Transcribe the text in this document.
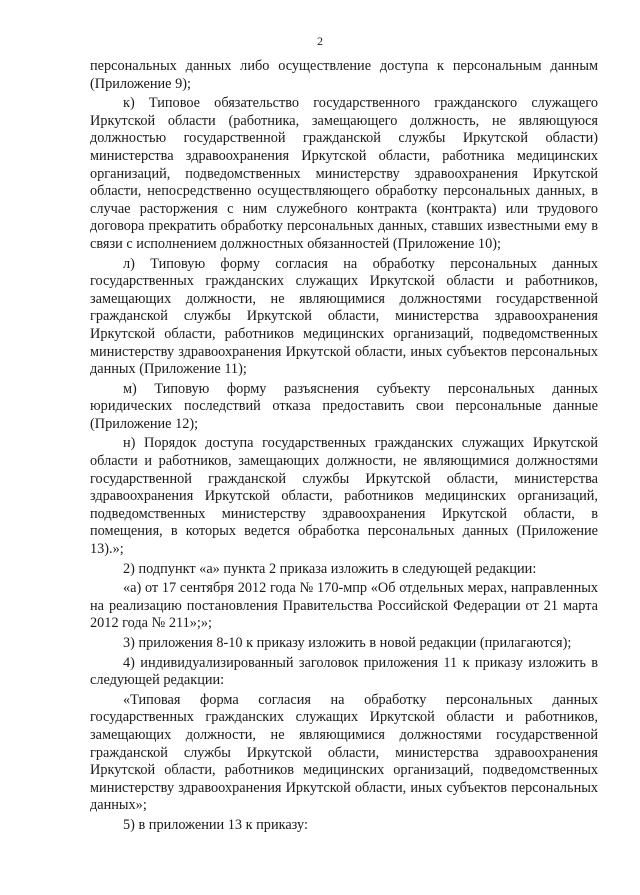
2

персональных данных либо осуществление доступа к персональным данным (Приложение 9);

к) Типовое обязательство государственного гражданского служащего Иркутской области (работника, замещающего должность, не являющуюся должностью государственной гражданской службы Иркутской области) министерства здравоохранения Иркутской области, работника медицинских организаций, подведомственных министерству здравоохранения Иркутской области, непосредственно осуществляющего обработку персональных данных, в случае расторжения с ним служебного контракта (контракта) или трудового договора прекратить обработку персональных данных, ставших известными ему в связи с исполнением должностных обязанностей (Приложение 10);

л) Типовую форму согласия на обработку персональных данных государственных гражданских служащих Иркутской области и работников, замещающих должности, не являющимися должностями государственной гражданской службы Иркутской области, министерства здравоохранения Иркутской области, работников медицинских организаций, подведомственных министерству здравоохранения Иркутской области, иных субъектов персональных данных (Приложение 11);

м) Типовую форму разъяснения субъекту персональных данных юридических последствий отказа предоставить свои персональные данные (Приложение 12);

н) Порядок доступа государственных гражданских служащих Иркутской области и работников, замещающих должности, не являющимися должностями государственной гражданской службы Иркутской области, министерства здравоохранения Иркутской области, работников медицинских организаций, подведомственных министерству здравоохранения Иркутской области, в помещения, в которых ведется обработка персональных данных (Приложение 13).»;

2) подпункт «а» пункта 2 приказа изложить в следующей редакции:

«а) от 17 сентября 2012 года № 170-мпр «Об отдельных мерах, направленных на реализацию постановления Правительства Российской Федерации от 21 марта 2012 года № 211»;»;

3) приложения 8-10 к приказу изложить в новой редакции (прилагаются);

4) индивидуализированный заголовок приложения 11 к приказу изложить в следующей редакции:

«Типовая форма согласия на обработку персональных данных государственных гражданских служащих Иркутской области и работников, замещающих должности, не являющимися должностями государственной гражданской службы Иркутской области, министерства здравоохранения Иркутской области, работников медицинских организаций, подведомственных министерству здравоохранения Иркутской области, иных субъектов персональных данных»;

5) в приложении 13 к приказу:
